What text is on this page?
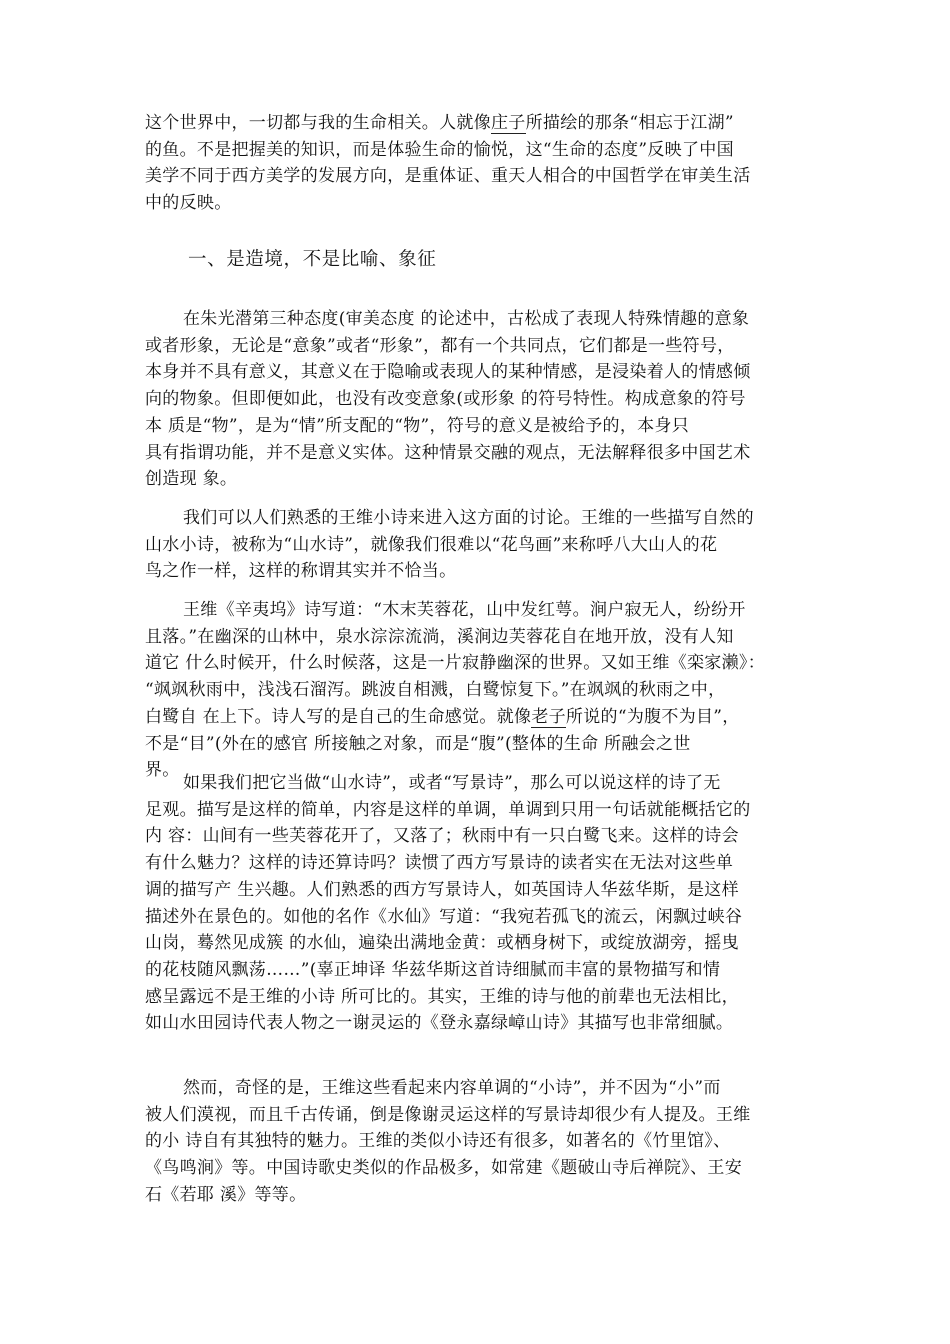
这个世界中，一切都与我的生命相关。人就像庄子所描绘的那条“相忘于江湖”
的鱼。不是把握美的知识，而是体验生命的愉悦，这“生命的态度”反映了中国
美学不同于西方美学的发展方向，是重体证、重天人相合的中国哲学在审美生活
中的反映。
一、是造境，不是比喻、象征
在朱光潜第三种态度(审美态度 的论述中，古松成了表现人特殊情趣的意象
或者形象，无论是“意象”或者“形象”，都有一个共同点，它们都是一些符号，
本身并不具有意义，其意义在于隐喻或表现人的某种情感，是浸染着人的情感倾
向的物象。但即便如此，也没有改变意象(或形象 的符号特性。构成意象的符号
本 质是“物”，是为“情”所支配的“物”，符号的意义是被给予的，本身只
具有指谓功能，并不是意义实体。这种情景交融的观点，无法解释很多中国艺术
创造现 象。
我们可以人们熟悉的王维小诗来进入这方面的讨论。王维的一些描写自然的
山水小诗，被称为“山水诗”，就像我们很难以“花鸟画”来称呼八大山人的花
鸟之作一样，这样的称谓其实并不恰当。
王维《辛夷坞》诗写道：“木末芙蓉花，山中发红萼。涧户寂无人，纷纷开
且落。”在幽深的山林中，泉水淙淙流淌，溪涧边芙蓉花自在地开放，没有人知
道它 什么时候开，什么时候落，这是一片寂静幽深的世界。又如王维《栾家濑》：
“飒飒秋雨中，浅浅石溜泻。跳波自相溅，白鹭惊复下。”在飒飒的秋雨之中，
白鹭自 在上下。诗人写的是自己的生命感觉。就像老子所说的“为腹不为目”，
不是“目”(外在的感官 所接触之对象，而是“腹”(整体的生命 所融会之世
界。
如果我们把它当做“山水诗”，或者“写景诗”，那么可以说这样的诗了无
足观。描写是这样的简单，内容是这样的单调，单调到只用一句话就能概括它的
内 容：山间有一些芙蓉花开了，又落了；秋雨中有一只白鹭飞来。这样的诗会
有什么魅力？这样的诗还算诗吗？读惯了西方写景诗的读者实在无法对这些单
调的描写产 生兴趣。人们熟悉的西方写景诗人，如英国诗人华兹华斯，是这样
描述外在景色的。如他的名作《水仙》写道：“我宛若孤飞的流云，闲飘过峡谷
山岗，蓦然见成簇 的水仙，遍染出满地金黄：或栖身树下，或绽放湖旁，摇曳
的花枝随风飘荡……”(辜正坤译 华兹华斯这首诗细腻而丰富的景物描写和情
感呈露远不是王维的小诗 所可比的。其实，王维的诗与他的前辈也无法相比，
如山水田园诗代表人物之一谢灵运的《登永嘉绿嶂山诗》其描写也非常细腻。
然而，奇怪的是，王维这些看起来内容单调的“小诗”，并不因为“小”而
被人们漠视，而且千古传诵，倒是像谢灵运这样的写景诗却很少有人提及。王维
的小 诗自有其独特的魅力。王维的类似小诗还有很多，如著名的《竹里馆》、
《鸟鸣涧》等。中国诗歌史类似的作品极多，如常建《题破山寺后禅院》、王安
石《若耶 溪》等等。
